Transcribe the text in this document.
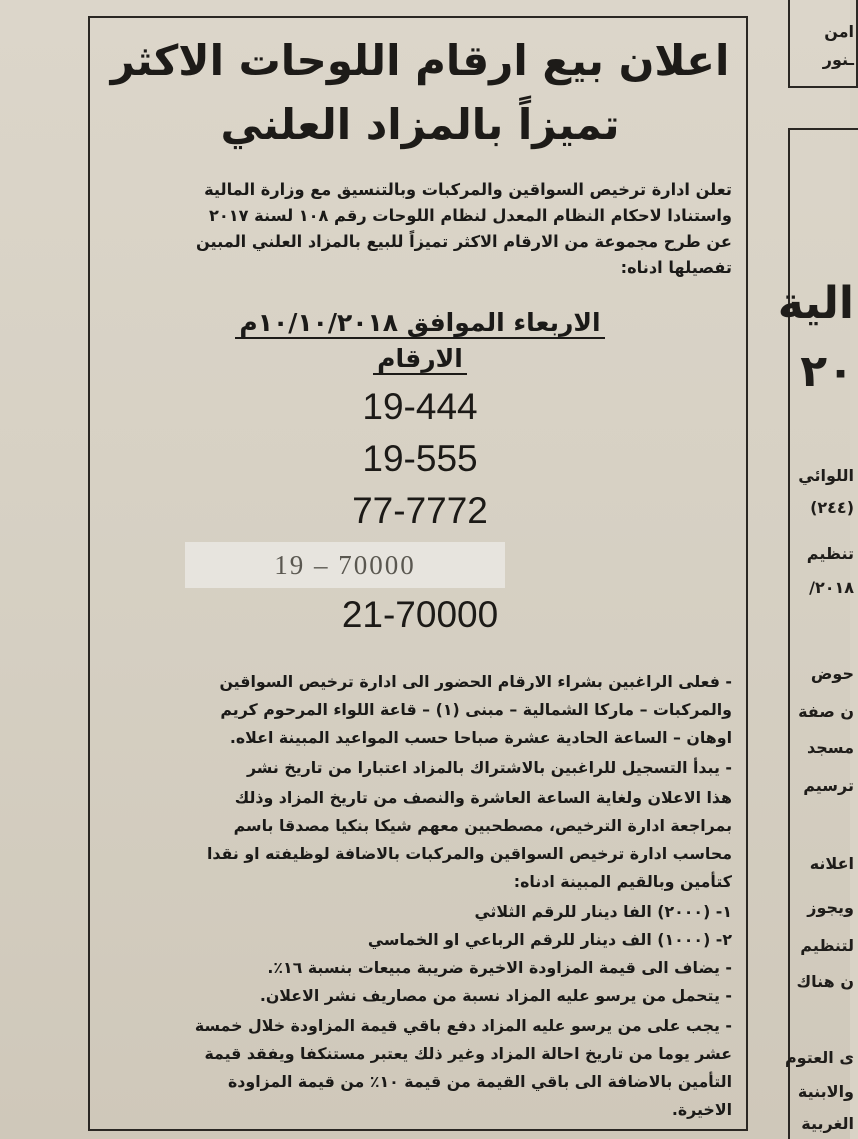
اعلان بيع ارقام اللوحات الاكثر
تميزاً بالمزاد العلني
تعلن ادارة ترخيص السواقين والمركبات وبالتنسيق مع وزارة المالية
واستنادا لاحكام النظام المعدل لنظام اللوحات رقم ١٠٨ لسنة ٢٠١٧
عن طرح مجموعة من الارقام الاكثر تميزاً للبيع بالمزاد العلني المبين
تفصيلها ادناه:
الاربعاء الموافق ١٠/١٠/٢٠١٨م
الارقام
19-444
19-555
77-7772
19 – 70000
21-70000
- فعلى الراغبين بشراء الارقام الحضور الى ادارة ترخيص السواقين
والمركبات – ماركا الشمالية – مبنى (١) – قاعة اللواء المرحوم كريم
اوهان – الساعة الحادية عشرة صباحا حسب المواعيد المبينة اعلاه.
- يبدأ التسجيل للراغبين بالاشتراك بالمزاد اعتبارا من تاريخ نشر
هذا الاعلان ولغاية الساعة العاشرة والنصف من تاريخ المزاد وذلك
بمراجعة ادارة الترخيص، مصطحبين معهم شيكا بنكيا مصدقا باسم
محاسب ادارة ترخيص السواقين والمركبات بالاضافة لوظيفته او نقدا
كتأمين وبالقيم المبينة ادناه:
١- (٢٠٠٠) الفا دينار للرقم الثلاثي
٢- (١٠٠٠) الف دينار للرقم الرباعي او الخماسي
- يضاف الى قيمة المزاودة الاخيرة ضريبة مبيعات بنسبة ١٦٪.
- يتحمل من يرسو عليه المزاد نسبة من مصاريف نشر الاعلان.
- يجب على من يرسو عليه المزاد دفع باقي قيمة المزاودة خلال خمسة
عشر يوما من تاريخ احالة المزاد وغير ذلك يعتبر مستنكفا ويفقد قيمة
التأمين بالاضافة الى باقي القيمة من قيمة ١٠٪ من قيمة المزاودة
الاخيرة.
امن
ـنور
الية
٢٠
اللوائي
(٢٤٤)
تنظيم
٢٠١٨/
حوض
ن صفة
مسجد
ترسيم
اعلانه
ويجوز
لتنظيم
ن هناك
ى العتوم
والابنية
الغربية
